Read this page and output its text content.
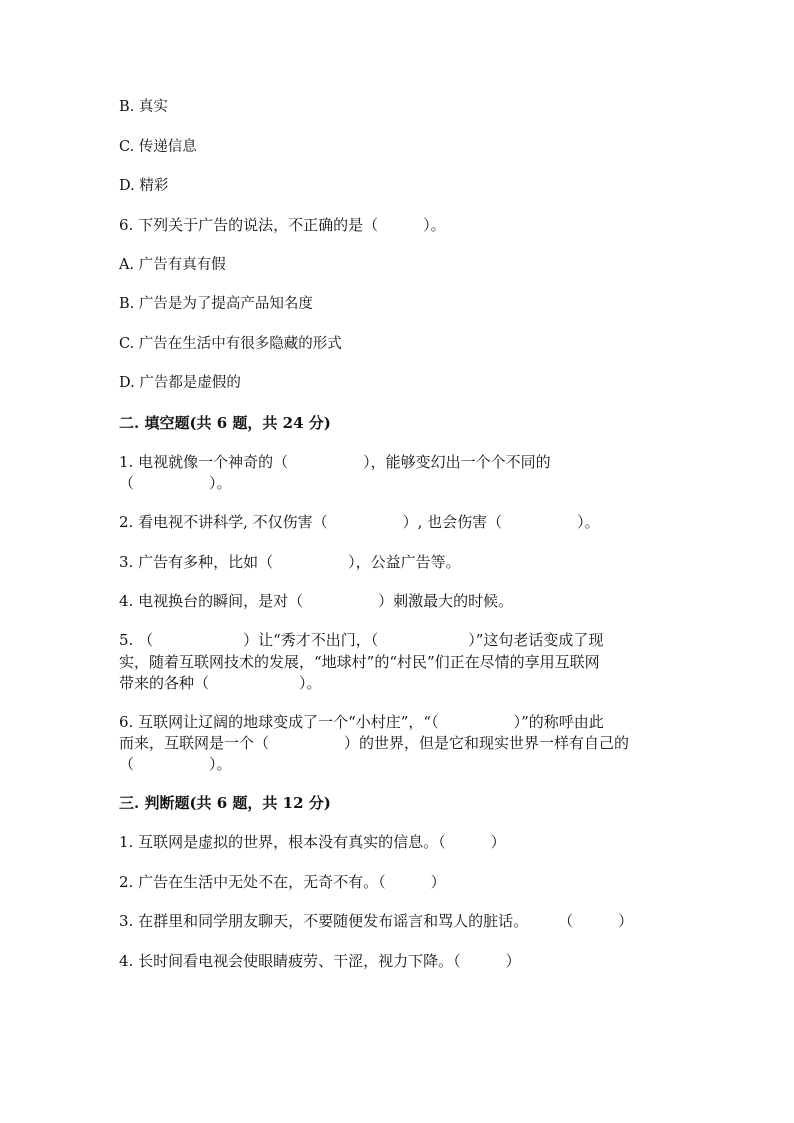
B. 真实
C. 传递信息
D. 精彩
6. 下列关于广告的说法，不正确的是（　　　）。
A. 广告有真有假
B. 广告是为了提高产品知名度
C. 广告在生活中有很多隐藏的形式
D. 广告都是虚假的
二. 填空题(共 6 题，共 24 分)
1. 电视就像一个神奇的（　　　　　），能够变幻出一个个不同的
（　　　　　）。
2. 看电视不讲科学, 不仅伤害（　　　　　）, 也会伤害（　　　　　）。
3. 广告有多种，比如（　　　　　），公益广告等。
4. 电视换台的瞬间，是对（　　　　　）刺激最大的时候。
5. （　　　　　　）让“秀才不出门，（　　　　　　）”这句老话变成了现
实，随着互联网技术的发展，“地球村”的“村民”们正在尽情的享用互联网
带来的各种（　　　　　　）。
6. 互联网让辽阔的地球变成了一个“小村庄”，“（　　　　　）”的称呼由此
而来，互联网是一个（　　　　　）的世界，但是它和现实世界一样有自己的
（　　　　　）。
三. 判断题(共 6 题，共 12 分)
1. 互联网是虚拟的世界，根本没有真实的信息。（　　　）
2. 广告在生活中无处不在，无奇不有。（　　　）
3. 在群里和同学朋友聊天，不要随便发布谣言和骂人的脏话。　　　（　　　）
4. 长时间看电视会使眼睛疲劳、干涩，视力下降。（　　　）
